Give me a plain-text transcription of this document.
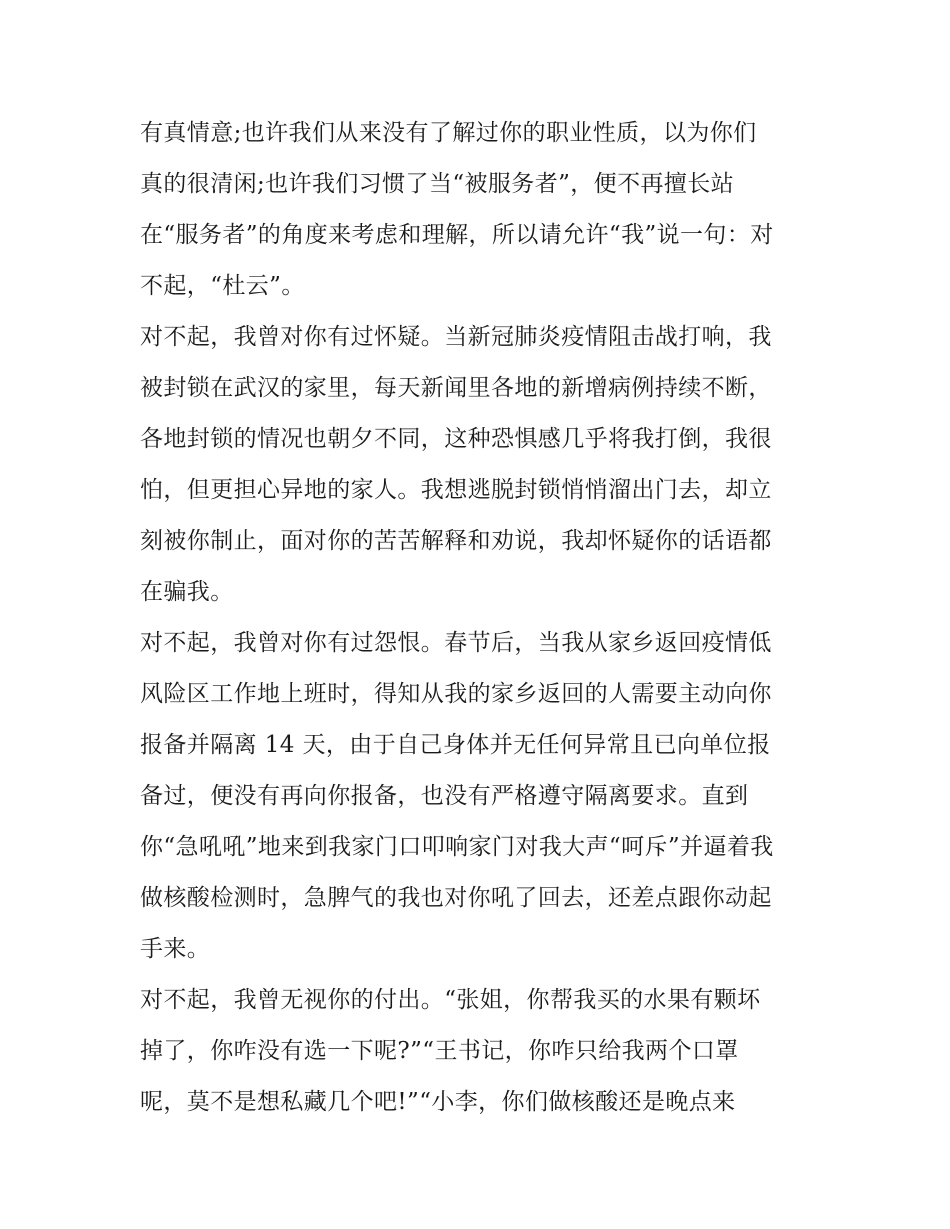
有真情意;也许我们从来没有了解过你的职业性质，以为你们
真的很清闲;也许我们习惯了当“被服务者”，便不再擅长站
在“服务者”的角度来考虑和理解，所以请允许“我”说一句：对
不起，“杜云”。
对不起，我曾对你有过怀疑。当新冠肺炎疫情阻击战打响，我
被封锁在武汉的家里，每天新闻里各地的新增病例持续不断，
各地封锁的情况也朝夕不同，这种恐惧感几乎将我打倒，我很
怕，但更担心异地的家人。我想逃脱封锁悄悄溜出门去，却立
刻被你制止，面对你的苦苦解释和劝说，我却怀疑你的话语都
在骗我。
对不起，我曾对你有过怨恨。春节后，当我从家乡返回疫情低
风险区工作地上班时，得知从我的家乡返回的人需要主动向你
报备并隔离 14 天，由于自己身体并无任何异常且已向单位报
备过，便没有再向你报备，也没有严格遵守隔离要求。直到
你“急吼吼”地来到我家门口叩响家门对我大声“呵斥”并逼着我
做核酸检测时，急脾气的我也对你吼了回去，还差点跟你动起
手来。
对不起，我曾无视你的付出。“张姐，你帮我买的水果有颗坏
掉了，你咋没有选一下呢?”“王书记，你咋只给我两个口罩
呢，莫不是想私藏几个吧!”“小李，你们做核酸还是晚点来
